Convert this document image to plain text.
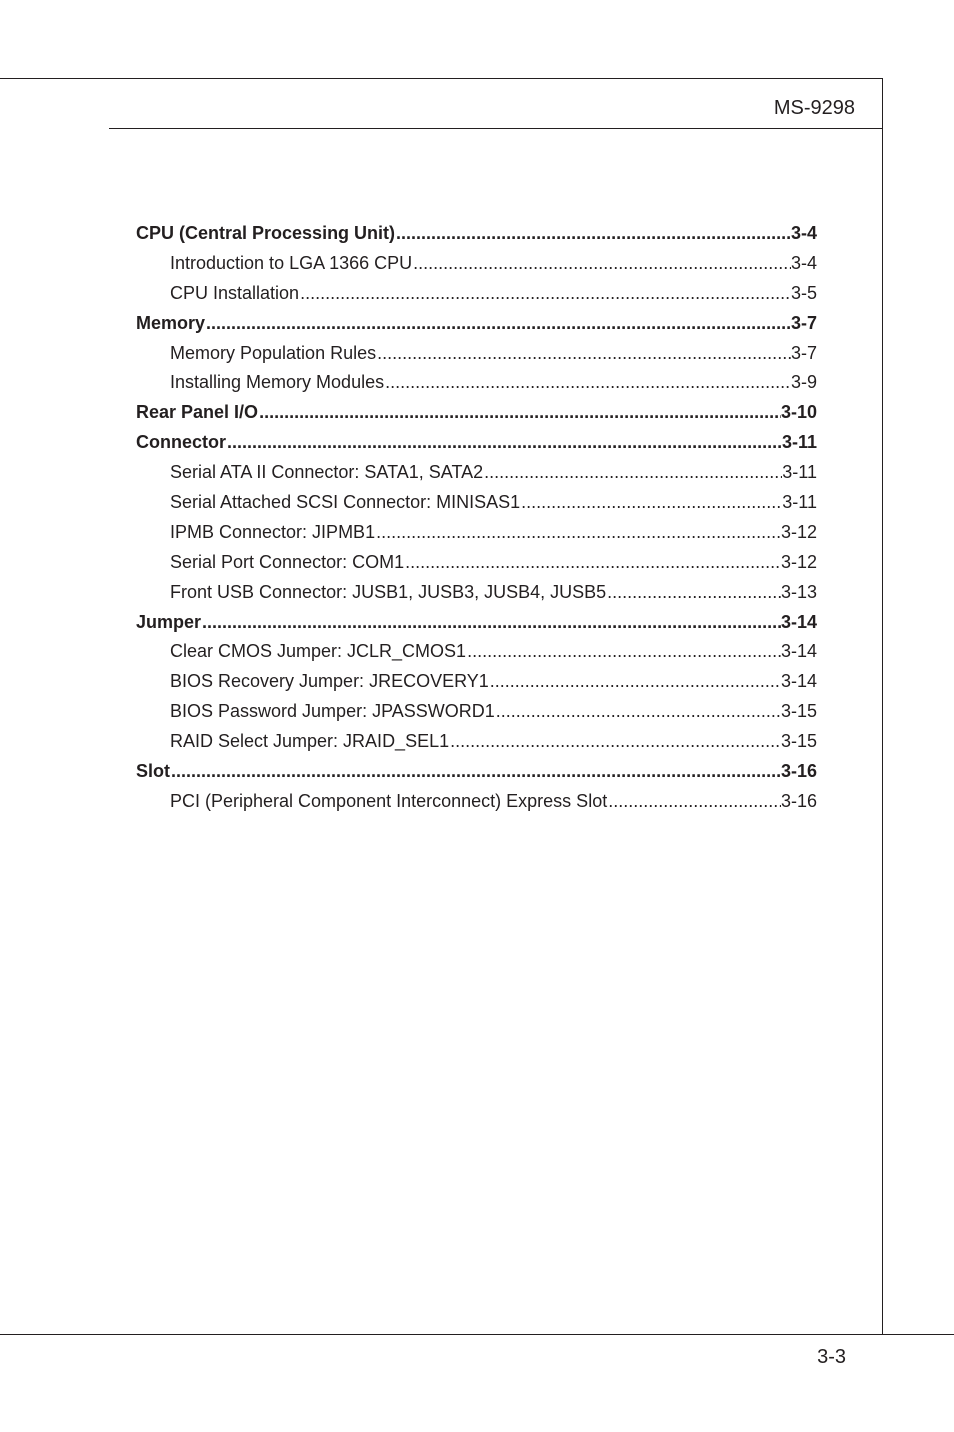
MS-9298
CPU (Central Processing Unit) .....	3-4
Introduction to LGA 1366 CPU .....	3-4
CPU Installation .....	3-5
Memory .....	3-7
Memory Population Rules .....	3-7
Installing Memory Modules .....	3-9
Rear Panel I/O .....	3-10
Connector .....	3-11
Serial ATA II Connector: SATA1, SATA2 .....	3-11
Serial Attached SCSI Connector: MINISAS1 .....	3-11
IPMB Connector: JIPMB1 .....	3-12
Serial Port Connector: COM1 .....	3-12
Front USB Connector: JUSB1, JUSB3, JUSB4, JUSB5 .....	3-13
Jumper .....	3-14
Clear CMOS Jumper: JCLR_CMOS1 .....	3-14
BIOS Recovery Jumper: JRECOVERY1 .....	3-14
BIOS Password Jumper: JPASSWORD1 .....	3-15
RAID Select Jumper: JRAID_SEL1 .....	3-15
Slot .....	3-16
PCI (Peripheral Component Interconnect) Express Slot .....	3-16
3-3
